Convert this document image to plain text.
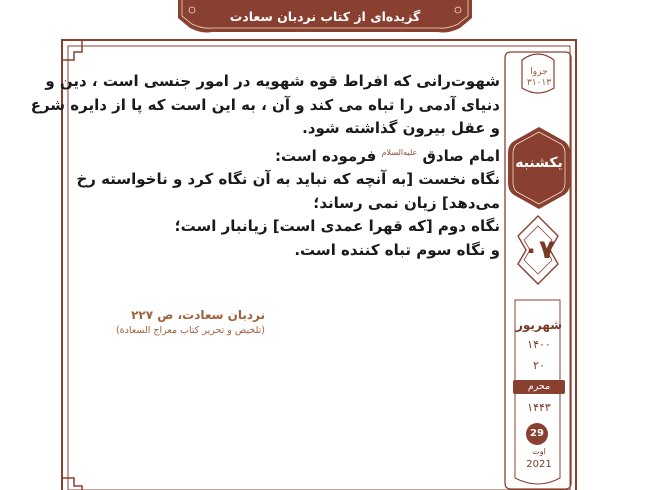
گزیده‌ای از کتاب نردبان سعادت
شهوت‌رانی که افراط قوه شهویه در امور جنسی است ، دین و
دنیای آدمی را تباه می کند و آن ، به این است که پا از دایره شرع
و عقل بیرون گذاشته شود.
امام صادق $^{علیه‌السلام}$ فرموده است:
نگاه نخست [به آنچه که نباید به آن نگاه کرد و ناخواسته رخ
می‌دهد] زیان نمی رساند؛
نگاه دوم [که قهرا عمدی است] زیانبار است؛
و نگاه سوم تباه کننده است.
نردبان سعادت، ص ۲۲۷
(تلخیص و تحریر کتاب معراج السعادة)
جزوا
۳۱۰۱۳
یکشنبه
۰۷
شهریور
۱۴۰۰
۲۰
محرم
۱۴۴۳
29
اوت
2021
